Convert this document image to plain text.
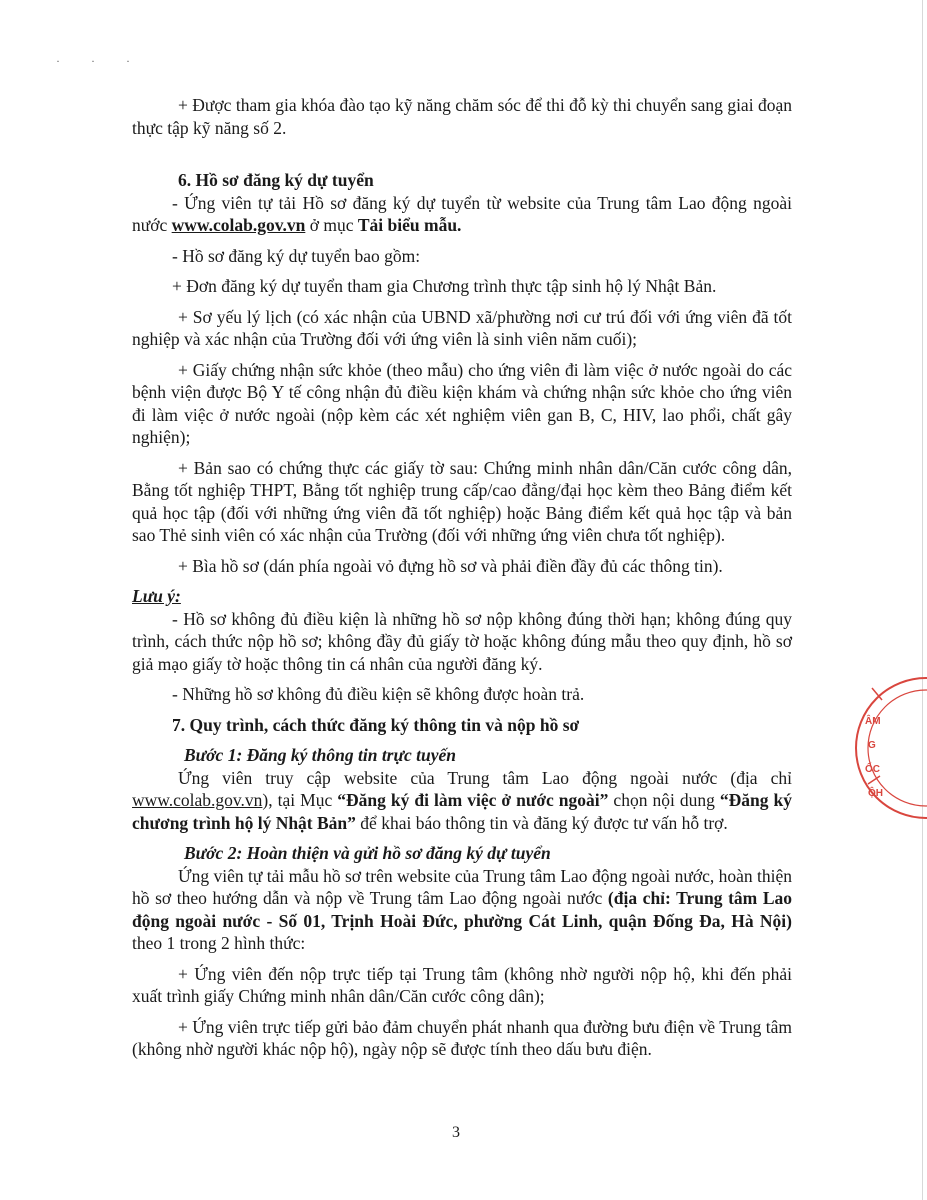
· · ·

+ Được tham gia khóa đào tạo kỹ năng chăm sóc để thi đỗ kỳ thi chuyển sang giai đoạn thực tập kỹ năng số 2.

6. Hồ sơ đăng ký dự tuyển

- Ứng viên tự tải Hồ sơ đăng ký dự tuyển từ website của Trung tâm Lao động ngoài nước www.colab.gov.vn ở mục Tải biểu mẫu.

- Hồ sơ đăng ký dự tuyển bao gồm:

+ Đơn đăng ký dự tuyển tham gia Chương trình thực tập sinh hộ lý Nhật Bản.

+ Sơ yếu lý lịch (có xác nhận của UBND xã/phường nơi cư trú đối với ứng viên đã tốt nghiệp và xác nhận của Trường đối với ứng viên là sinh viên năm cuối);

+ Giấy chứng nhận sức khỏe (theo mẫu) cho ứng viên đi làm việc ở nước ngoài do các bệnh viện được Bộ Y tế công nhận đủ điều kiện khám và chứng nhận sức khỏe cho ứng viên đi làm việc ở nước ngoài (nộp kèm các xét nghiệm viên gan B, C, HIV, lao phổi, chất gây nghiện);

+ Bản sao có chứng thực các giấy tờ sau: Chứng minh nhân dân/Căn cước công dân, Bằng tốt nghiệp THPT, Bằng tốt nghiệp trung cấp/cao đẳng/đại học kèm theo Bảng điểm kết quả học tập (đối với những ứng viên đã tốt nghiệp) hoặc Bảng điểm kết quả học tập và bản sao Thẻ sinh viên có xác nhận của Trường (đối với những ứng viên chưa tốt nghiệp).

+ Bìa hồ sơ (dán phía ngoài vỏ đựng hồ sơ và phải điền đầy đủ các thông tin).

Lưu ý:

- Hồ sơ không đủ điều kiện là những hồ sơ nộp không đúng thời hạn; không đúng quy trình, cách thức nộp hồ sơ; không đầy đủ giấy tờ hoặc không đúng mẫu theo quy định, hồ sơ giả mạo giấy tờ hoặc thông tin cá nhân của người đăng ký.

- Những hồ sơ không đủ điều kiện sẽ không được hoàn trả.

7. Quy trình, cách thức đăng ký thông tin và nộp hồ sơ

Bước 1: Đăng ký thông tin trực tuyến

Ứng viên truy cập website của Trung tâm Lao động ngoài nước (địa chỉ www.colab.gov.vn), tại Mục “Đăng ký đi làm việc ở nước ngoài” chọn nội dung “Đăng ký chương trình hộ lý Nhật Bản” để khai báo thông tin và đăng ký được tư vấn hỗ trợ.

Bước 2: Hoàn thiện và gửi hồ sơ đăng ký dự tuyển

Ứng viên tự tải mẫu hồ sơ trên website của Trung tâm Lao động ngoài nước, hoàn thiện hồ sơ theo hướng dẫn và nộp về Trung tâm Lao động ngoài nước (địa chỉ: Trung tâm Lao động ngoài nước - Số 01, Trịnh Hoài Đức, phường Cát Linh, quận Đống Đa, Hà Nội) theo 1 trong 2 hình thức:

+ Ứng viên đến nộp trực tiếp tại Trung tâm (không nhờ người nộp hộ, khi đến phải xuất trình giấy Chứng minh nhân dân/Căn cước công dân);

+ Ứng viên trực tiếp gửi bảo đảm chuyển phát nhanh qua đường bưu điện về Trung tâm (không nhờ người khác nộp hộ), ngày nộp sẽ được tính theo dấu bưu điện.

3
ÂM
G
ỐC
ỘH
